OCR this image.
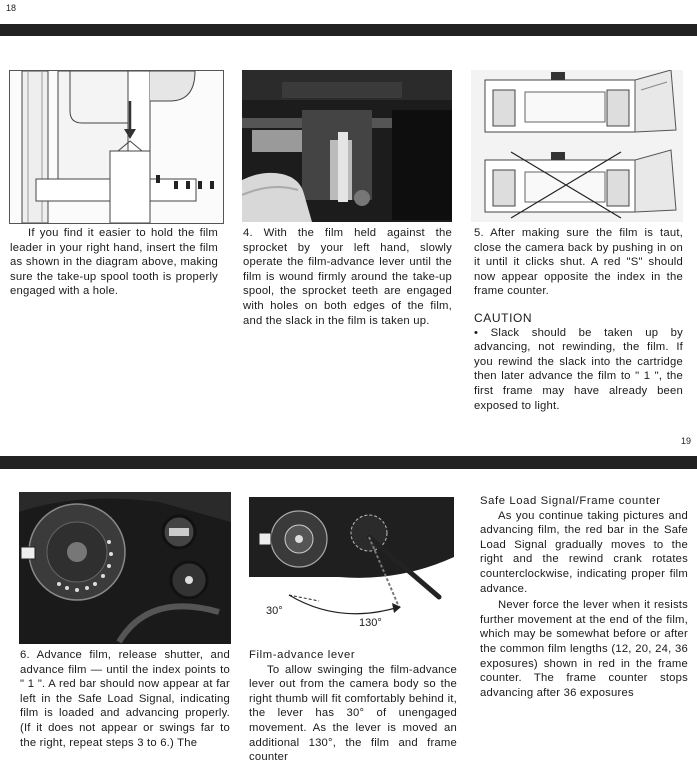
18

If you find it easier to hold the film leader in your right hand, insert the film as shown in the diagram above, making sure the take-up spool tooth is properly engaged with a hole.

4. With the film held against the sprocket by your left hand, slowly operate the film-advance lever until the film is wound firmly around the take-up spool, the sprocket teeth are engaged with holes on both edges of the film, and the slack in the film is taken up.

5. After making sure the film is taut, close the camera back by pushing in on it until it clicks shut. A red "S" should now appear opposite the index in the frame counter.

CAUTION

• Slack should be taken up by advancing, not rewinding, the film. If you rewind the slack into the cartridge then later advance the film to " 1 ", the first frame may have already been exposed to light.

19
30°
130°

6. Advance film, release shutter, and advance film — until the index points to " 1 ". A red bar should now appear at far left in the Safe Load Signal, indicating film is loaded and advancing properly. (If it does not appear or swings far to the right, repeat steps 3 to 6.) The

Film-advance lever

To allow swinging the film-advance lever out from the camera body so the right thumb will fit comfortably behind it, the lever has 30° of unengaged movement. As the lever is moved an additional 130°, the film and frame counter

Safe Load Signal/Frame counter

As you continue taking pictures and advancing film, the red bar in the Safe Load Signal gradually moves to the right and the rewind crank rotates counterclockwise, indicating proper film advance.

Never force the lever when it resists further movement at the end of the film, which may be somewhat before or after the common film lengths (12, 20, 24, 36 exposures) shown in red in the frame counter. The frame counter stops advancing after 36 exposures
